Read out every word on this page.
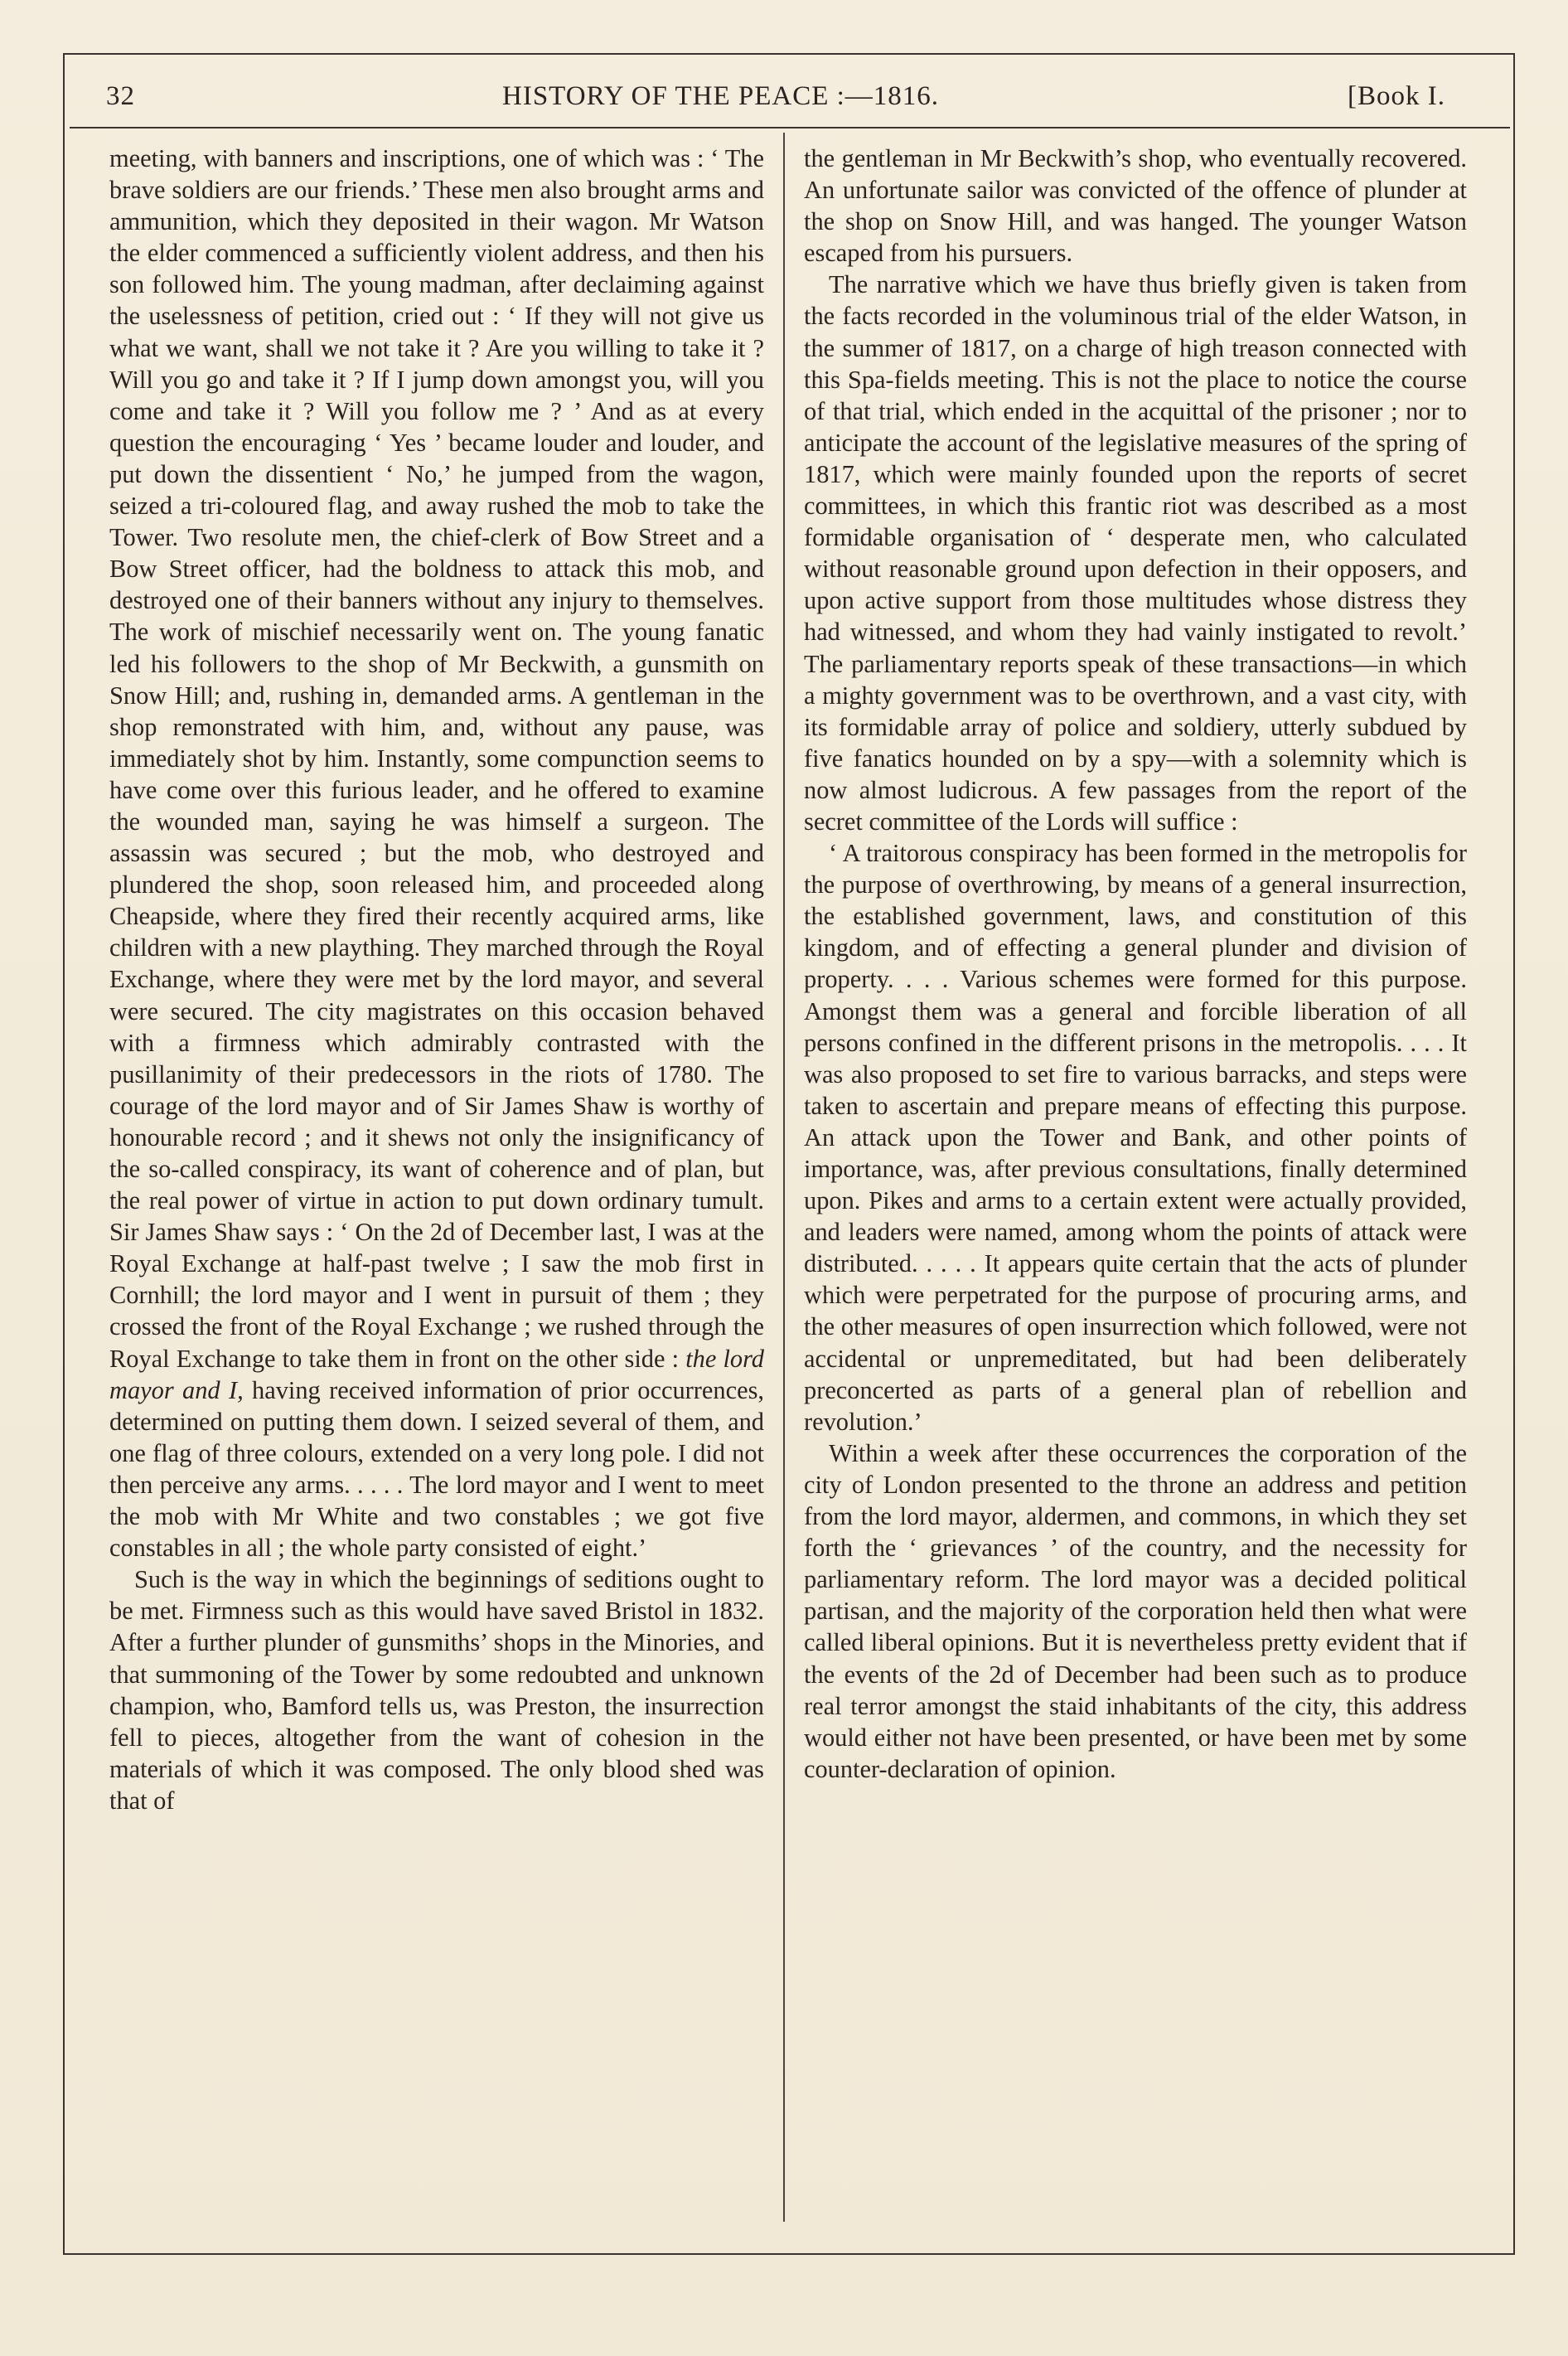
32	HISTORY OF THE PEACE :—1816.	[Book I.

meeting, with banners and inscriptions, one of which was : ‘ The brave soldiers are our friends.’ These men also brought arms and ammunition, which they deposited in their wagon. Mr Watson the elder commenced a sufficiently violent address, and then his son followed him. The young madman, after declaiming against the uselessness of petition, cried out : ‘ If they will not give us what we want, shall we not take it ? Are you willing to take it ? Will you go and take it ? If I jump down amongst you, will you come and take it ? Will you follow me ? ’ And as at every question the encouraging ‘ Yes ’ became louder and louder, and put down the dissentient ‘ No,’ he jumped from the wagon, seized a tri-coloured flag, and away rushed the mob to take the Tower. Two resolute men, the chief-clerk of Bow Street and a Bow Street officer, had the boldness to attack this mob, and destroyed one of their banners without any injury to themselves. The work of mischief necessarily went on. The young fanatic led his followers to the shop of Mr Beckwith, a gunsmith on Snow Hill; and, rushing in, demanded arms. A gentleman in the shop remonstrated with him, and, without any pause, was immediately shot by him. Instantly, some compunction seems to have come over this furious leader, and he offered to examine the wounded man, saying he was himself a surgeon. The assassin was secured ; but the mob, who destroyed and plundered the shop, soon released him, and proceeded along Cheapside, where they fired their recently acquired arms, like children with a new plaything. They marched through the Royal Exchange, where they were met by the lord mayor, and several were secured. The city magistrates on this occasion behaved with a firmness which admirably contrasted with the pusillanimity of their predecessors in the riots of 1780. The courage of the lord mayor and of Sir James Shaw is worthy of honourable record ; and it shews not only the insignificancy of the so-called conspiracy, its want of coherence and of plan, but the real power of virtue in action to put down ordinary tumult. Sir James Shaw says : ‘ On the 2d of December last, I was at the Royal Exchange at half-past twelve ; I saw the mob first in Cornhill; the lord mayor and I went in pursuit of them ; they crossed the front of the Royal Exchange ; we rushed through the Royal Exchange to take them in front on the other side : the lord mayor and I, having received information of prior occurrences, determined on putting them down. I seized several of them, and one flag of three colours, extended on a very long pole. I did not then perceive any arms. . . . . The lord mayor and I went to meet the mob with Mr White and two constables ; we got five constables in all ; the whole party consisted of eight.’

Such is the way in which the beginnings of seditions ought to be met. Firmness such as this would have saved Bristol in 1832. After a further plunder of gunsmiths’ shops in the Minories, and that summoning of the Tower by some redoubted and unknown champion, who, Bamford tells us, was Preston, the insurrection fell to pieces, altogether from the want of cohesion in the materials of which it was composed. The only blood shed was that of

the gentleman in Mr Beckwith’s shop, who eventually recovered. An unfortunate sailor was convicted of the offence of plunder at the shop on Snow Hill, and was hanged. The younger Watson escaped from his pursuers.

The narrative which we have thus briefly given is taken from the facts recorded in the voluminous trial of the elder Watson, in the summer of 1817, on a charge of high treason connected with this Spa-fields meeting. This is not the place to notice the course of that trial, which ended in the acquittal of the prisoner ; nor to anticipate the account of the legislative measures of the spring of 1817, which were mainly founded upon the reports of secret committees, in which this frantic riot was described as a most formidable organisation of ‘ desperate men, who calculated without reasonable ground upon defection in their opposers, and upon active support from those multitudes whose distress they had witnessed, and whom they had vainly instigated to revolt.’ The parliamentary reports speak of these transactions—in which a mighty government was to be overthrown, and a vast city, with its formidable array of police and soldiery, utterly subdued by five fanatics hounded on by a spy—with a solemnity which is now almost ludicrous. A few passages from the report of the secret committee of the Lords will suffice :

‘ A traitorous conspiracy has been formed in the metropolis for the purpose of overthrowing, by means of a general insurrection, the established government, laws, and constitution of this kingdom, and of effecting a general plunder and division of property. . . . Various schemes were formed for this purpose. Amongst them was a general and forcible liberation of all persons confined in the different prisons in the metropolis. . . . It was also proposed to set fire to various barracks, and steps were taken to ascertain and prepare means of effecting this purpose. An attack upon the Tower and Bank, and other points of importance, was, after previous consultations, finally determined upon. Pikes and arms to a certain extent were actually provided, and leaders were named, among whom the points of attack were distributed. . . . . It appears quite certain that the acts of plunder which were perpetrated for the purpose of procuring arms, and the other measures of open insurrection which followed, were not accidental or unpremeditated, but had been deliberately preconcerted as parts of a general plan of rebellion and revolution.’

Within a week after these occurrences the corporation of the city of London presented to the throne an address and petition from the lord mayor, aldermen, and commons, in which they set forth the ‘ grievances ’ of the country, and the necessity for parliamentary reform. The lord mayor was a decided political partisan, and the majority of the corporation held then what were called liberal opinions. But it is nevertheless pretty evident that if the events of the 2d of December had been such as to produce real terror amongst the staid inhabitants of the city, this address would either not have been presented, or have been met by some counter-declaration of opinion.
